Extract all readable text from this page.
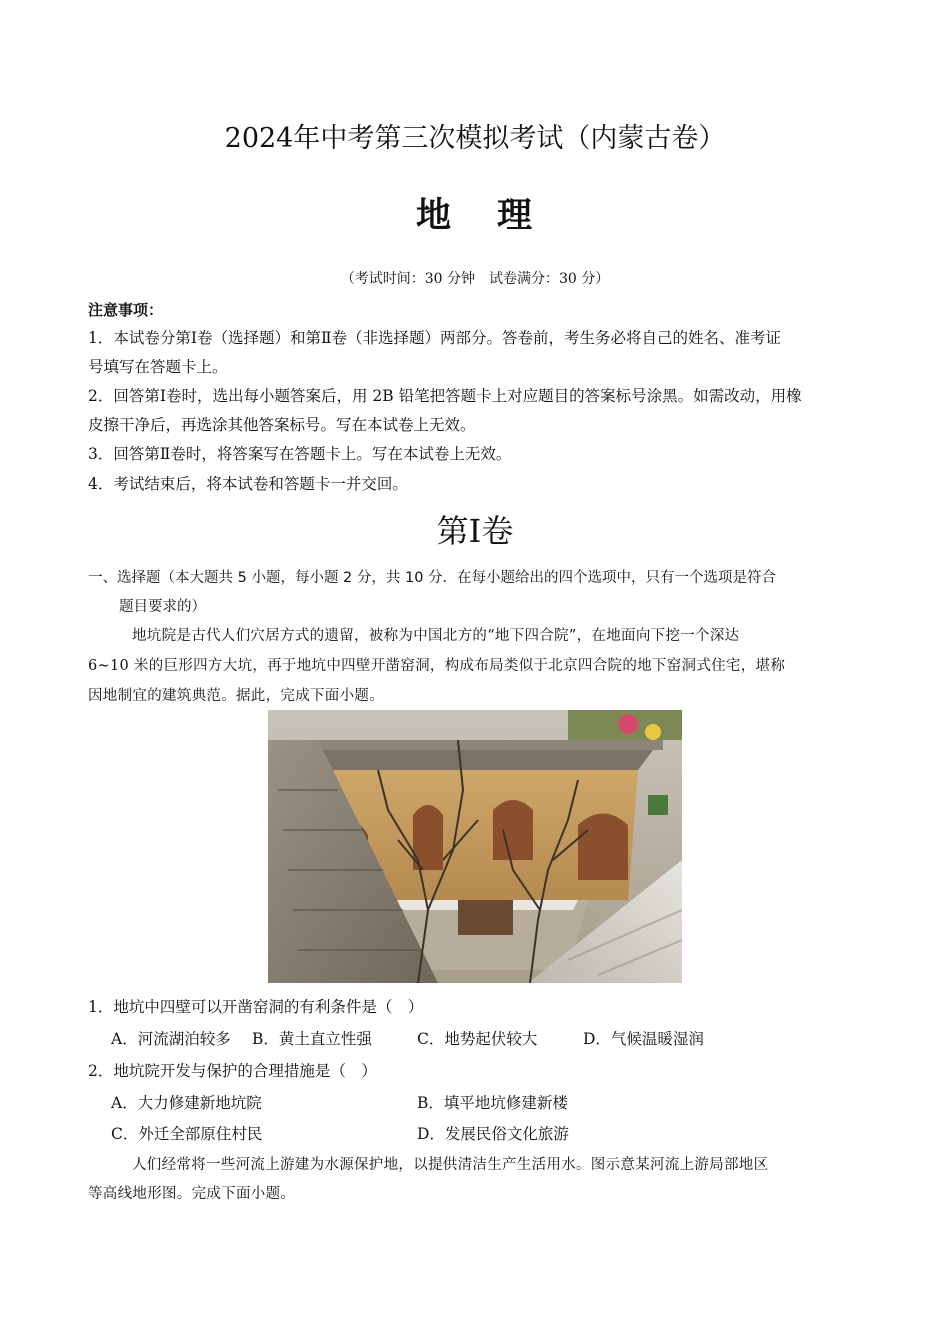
2024年中考第三次模拟考试（内蒙古卷）
地 理
（考试时间：30 分钟　试卷满分：30 分）
注意事项：
1．本试卷分第Ⅰ卷（选择题）和第Ⅱ卷（非选择题）两部分。答卷前，考生务必将自己的姓名、准考证
号填写在答题卡上。
2．回答第Ⅰ卷时，选出每小题答案后，用 2B 铅笔把答题卡上对应题目的答案标号涂黑。如需改动，用橡
皮擦干净后，再选涂其他答案标号。写在本试卷上无效。
3．回答第Ⅱ卷时，将答案写在答题卡上。写在本试卷上无效。
4．考试结束后，将本试卷和答题卡一并交回。
第Ⅰ卷
一、选择题（本大题共 5 小题，每小题 2 分，共 10 分．在每小题给出的四个选项中，只有一个选项是符合
题目要求的）
地坑院是古代人们穴居方式的遗留，被称为中国北方的“地下四合院”，在地面向下挖一个深达
6~10 米的巨形四方大坑，再于地坑中四壁开凿窑洞，构成布局类似于北京四合院的地下窑洞式住宅，堪称
因地制宜的建筑典范。据此，完成下面小题。
1．地坑中四壁可以开凿窑洞的有利条件是（　）
A．河流湖泊较多 B．黄土直立性强	C．地势起伏较大	D．气候温暖湿润
2．地坑院开发与保护的合理措施是（　）
A．大力修建新地坑院	B．填平地坑修建新楼
C．外迁全部原住村民	D．发展民俗文化旅游
人们经常将一些河流上游建为水源保护地，以提供清洁生产生活用水。图示意某河流上游局部地区
等高线地形图。完成下面小题。
